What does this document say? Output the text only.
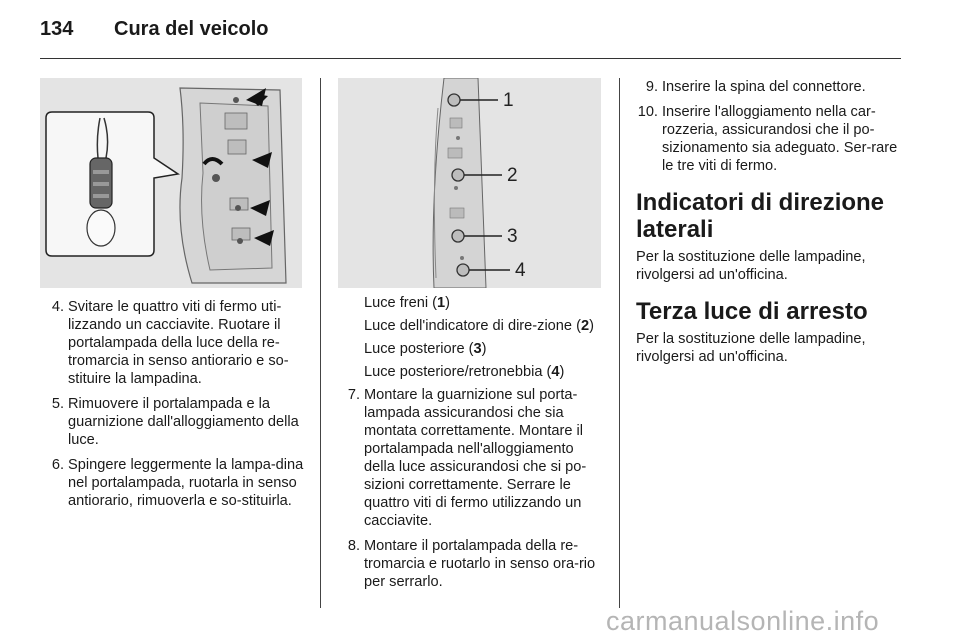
134 Cura del veicolo
1
2
3
4
4. Svitare le quattro viti di fermo uti-lizzando un cacciavite. Ruotare il portalampada della luce della re-tromarcia in senso antiorario e so-stituire la lampadina.
5. Rimuovere il portalampada e la guarnizione dall'alloggiamento della luce.
6. Spingere leggermente la lampa-dina nel portalampada, ruotarla in senso antiorario, rimuoverla e so-stituirla.
Luce freni (1)
Luce dell'indicatore di dire-zione (2)
Luce posteriore (3)
Luce posteriore/retronebbia (4)
7. Montare la guarnizione sul porta-lampada assicurandosi che sia montata correttamente. Montare il portalampada nell'alloggiamento della luce assicurandosi che si po-sizioni correttamente. Serrare le quattro viti di fermo utilizzando un cacciavite.
8. Montare il portalampada della re-tromarcia e ruotarlo in senso ora-rio per serrarlo.
9. Inserire la spina del connettore.
10. Inserire l'alloggiamento nella car-rozzeria, assicurandosi che il po-sizionamento sia adeguato. Ser-rare le tre viti di fermo.
Indicatori di direzione laterali
Per la sostituzione delle lampadine, rivolgersi ad un'officina.
Terza luce di arresto
Per la sostituzione delle lampadine, rivolgersi ad un'officina.
carmanualsonline.info
